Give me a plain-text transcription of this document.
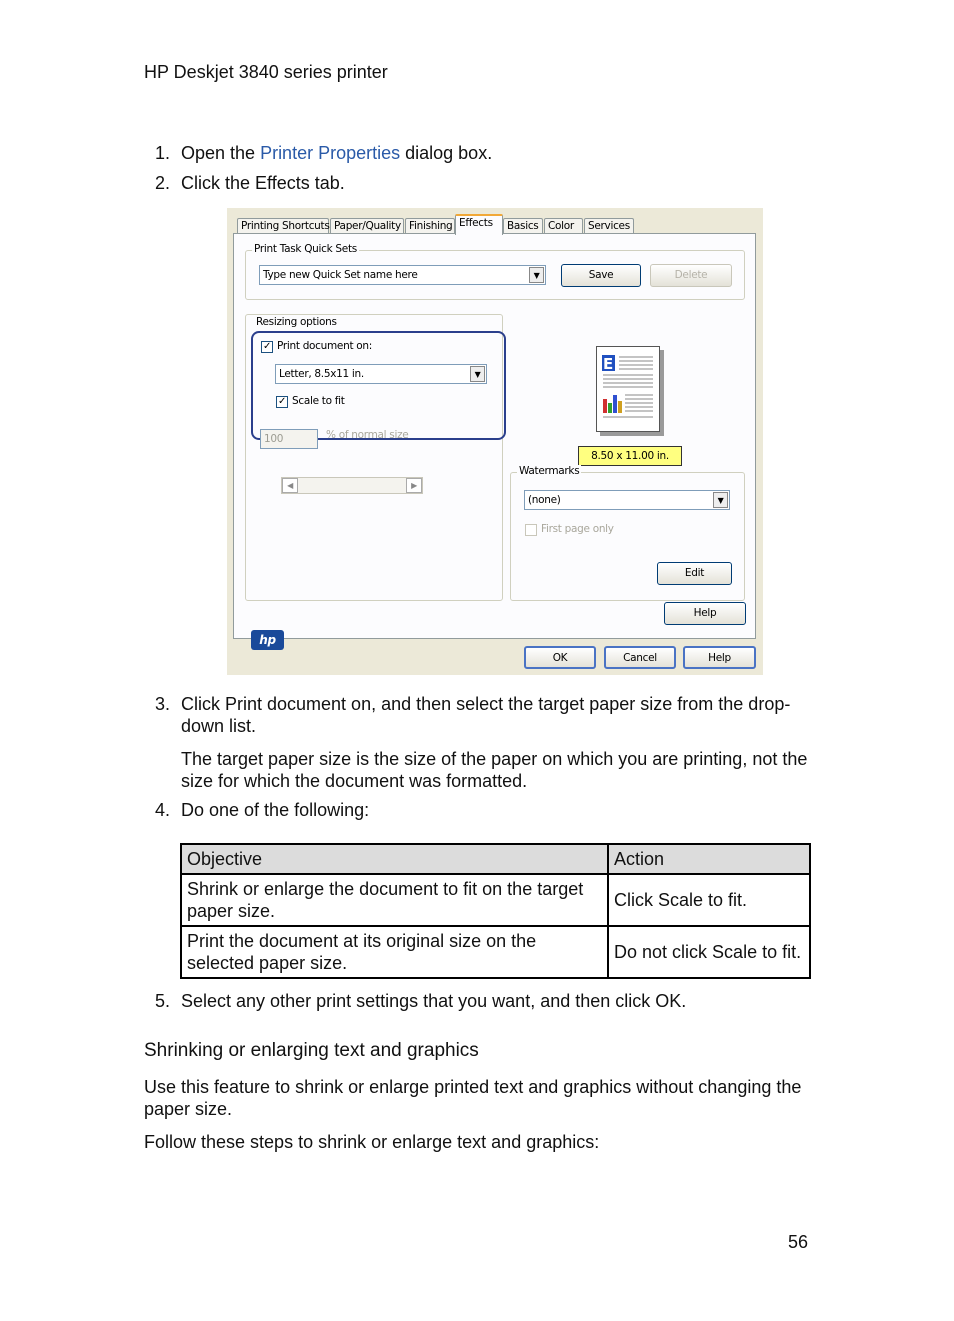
HP Deskjet 3840 series printer
1. Open the Printer Properties dialog box.
2. Click the Effects tab.
Printing Shortcuts Paper/Quality Finishing Effects	Basics Color	Services
Print Task Quick Sets
Type new Quick Set name here	▼	Save	Delete
Resizing options
✓ Print document on:
Letter, 8.5x11 in.	▼
✓ Scale to fit
100	% of normal size
◀	▶
E
8.50 x 11.00 in.
Watermarks
(none)	▼
First page only
Edit
hp
Help
OK	Cancel	Help
3. Click Print document on, and then select the target paper size from the drop-down list.
The target paper size is the size of the paper on which you are printing, not the size for which the document was formatted.
4. Do one of the following:
Objective	Action
Shrink or enlarge the document to fit on the target paper size.	Click Scale to fit.
Print the document at its original size on the selected paper size.	Do not click Scale to fit.
5. Select any other print settings that you want, and then click OK.
Shrinking or enlarging text and graphics
Use this feature to shrink or enlarge printed text and graphics without changing the paper size.
Follow these steps to shrink or enlarge text and graphics:
56
